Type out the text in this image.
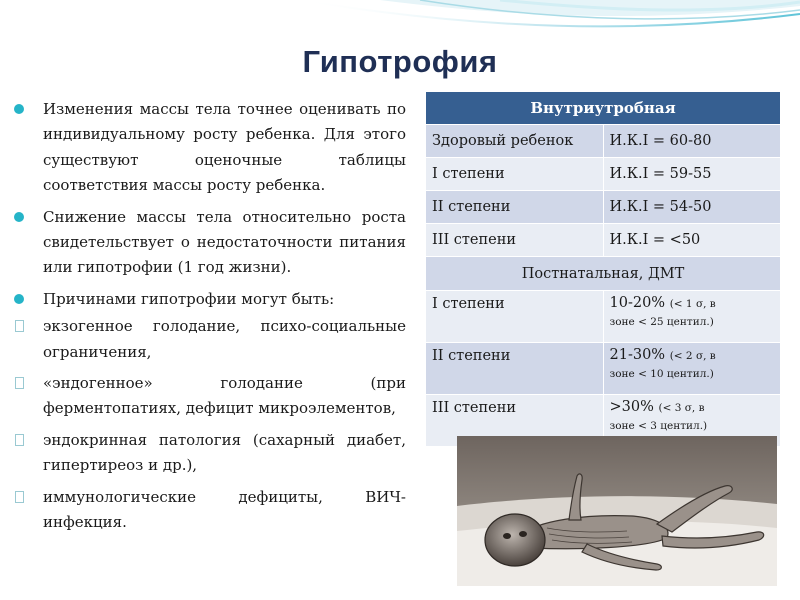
Гипотрофия
Изменения массы тела точнее оценивать по индивидуальному росту ребенка. Для этого существуют оценочные таблицы соответствия массы росту ребенка.
Снижение массы тела относительно роста свидетельствует о недостаточности питания или гипотрофии (1 год жизни).
Причинами гипотрофии могут быть:
экзогенное голодание, психо-социальные ограничения,
«эндогенное» голодание (при ферментопатиях, дефицит микроэлементов,
эндокринная патология (сахарный диабет, гипертиреоз и др.),
иммунологические дефициты, ВИЧ-инфекция.
Внутриутробная	
Здоровый ребенок	И.К.I = 60-80
I степени	И.К.I = 59-55
II степени	И.К.I = 54-50
III степени	И.К.I = <50
Постнатальная, ДМТ	
I степени	10-20% (< 1 σ, в
зоне < 25 центил.)
II степени	21-30% (< 2 σ, в
зоне < 10 центил.)
III степени	>30% (< 3 σ, в
зоне < 3 центил.)
